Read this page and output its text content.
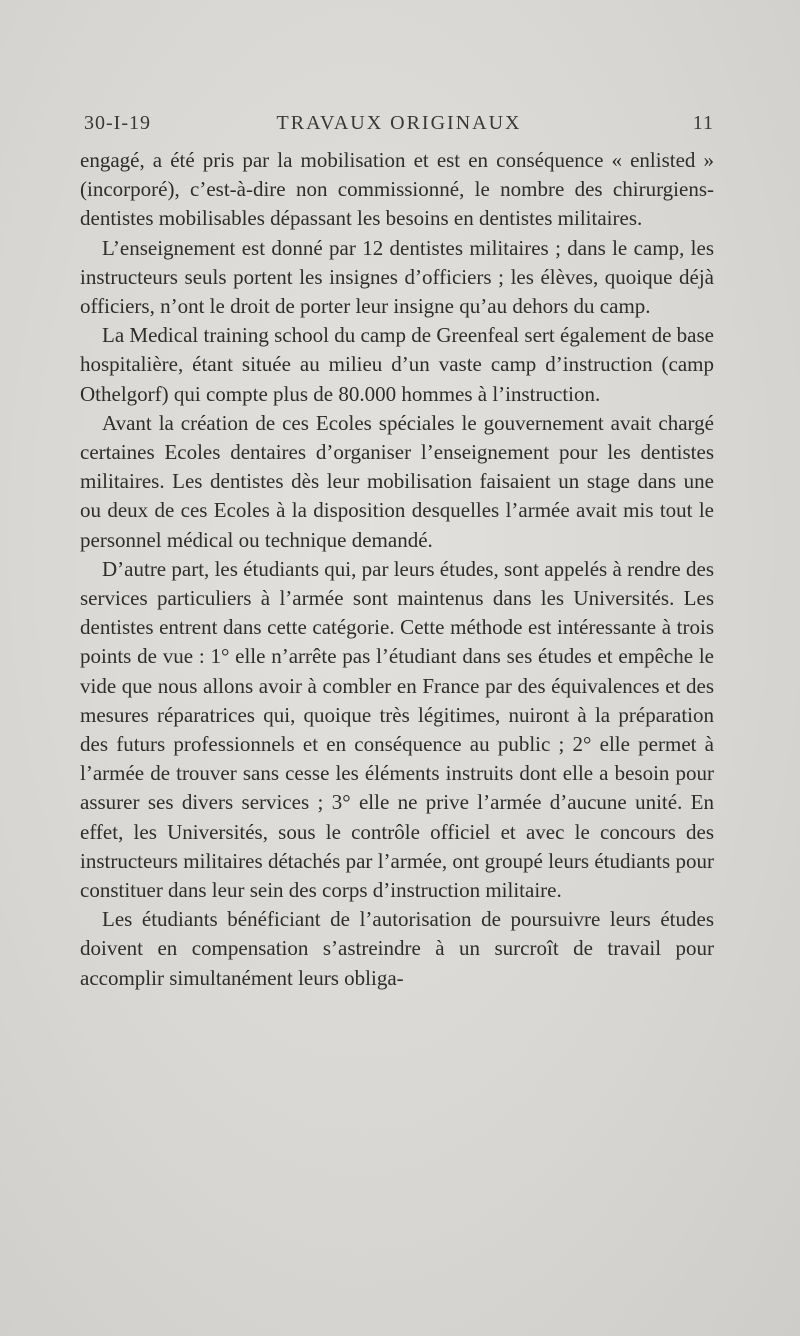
30-I-19	TRAVAUX ORIGINAUX	11

engagé, a été pris par la mobilisation et est en conséquence « enlisted » (incorporé), c’est-à-dire non commissionné, le nombre des chirurgiens-dentistes mobilisables dépassant les besoins en dentistes militaires.

L’enseignement est donné par 12 dentistes militaires ; dans le camp, les instructeurs seuls portent les insignes d’officiers ; les élèves, quoique déjà officiers, n’ont le droit de porter leur insigne qu’au dehors du camp.

La Medical training school du camp de Greenfeal sert également de base hospitalière, étant située au milieu d’un vaste camp d’instruction (camp Othelgorf) qui compte plus de 80.000 hommes à l’instruction.

Avant la création de ces Ecoles spéciales le gouvernement avait chargé certaines Ecoles dentaires d’organiser l’enseignement pour les dentistes militaires. Les dentistes dès leur mobilisation faisaient un stage dans une ou deux de ces Ecoles à la disposition desquelles l’armée avait mis tout le personnel médical ou technique demandé.

D’autre part, les étudiants qui, par leurs études, sont appelés à rendre des services particuliers à l’armée sont maintenus dans les Universités. Les dentistes entrent dans cette catégorie. Cette méthode est intéressante à trois points de vue : 1° elle n’arrête pas l’étudiant dans ses études et empêche le vide que nous allons avoir à combler en France par des équivalences et des mesures réparatrices qui, quoique très légitimes, nuiront à la préparation des futurs professionnels et en conséquence au public ; 2° elle permet à l’armée de trouver sans cesse les éléments instruits dont elle a besoin pour assurer ses divers services ; 3° elle ne prive l’armée d’aucune unité. En effet, les Universités, sous le contrôle officiel et avec le concours des instructeurs militaires détachés par l’armée, ont groupé leurs étudiants pour constituer dans leur sein des corps d’instruction militaire.

Les étudiants bénéficiant de l’autorisation de poursuivre leurs études doivent en compensation s’astreindre à un surcroît de travail pour accomplir simultanément leurs obliga-
